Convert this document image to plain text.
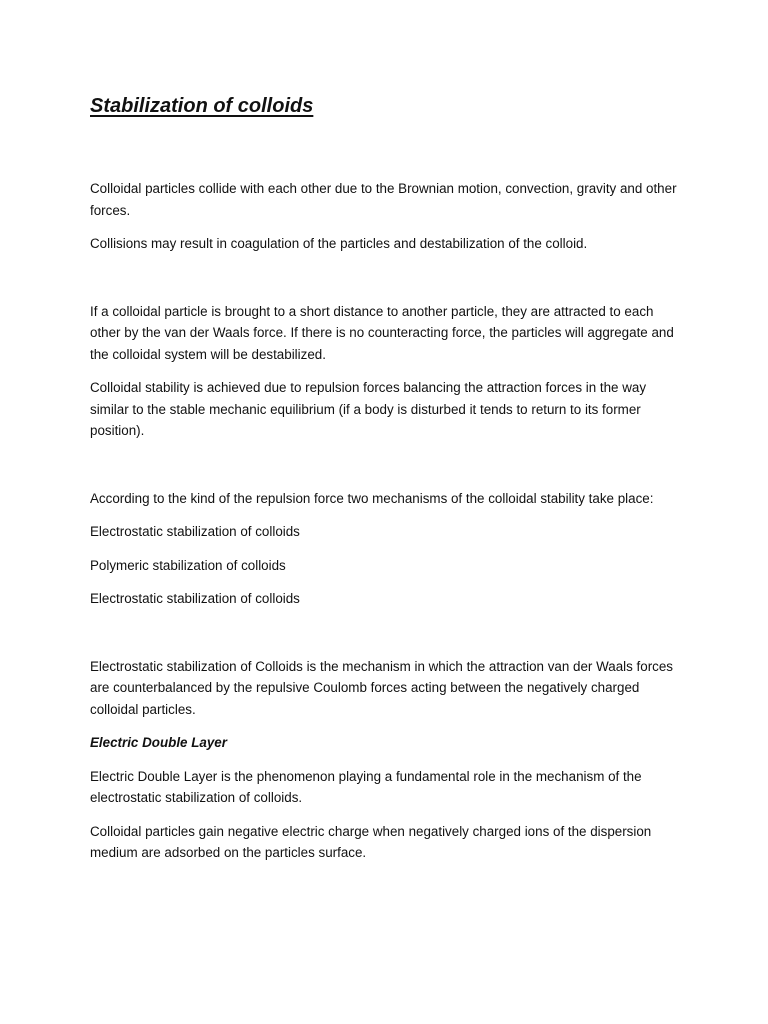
Stabilization of colloids

Colloidal particles collide with each other due to the Brownian motion, convection, gravity and other forces.

Collisions may result in coagulation of the particles and destabilization of the colloid.

If a colloidal particle is brought to a short distance to another particle, they are attracted to each other by the van der Waals force. If there is no counteracting force, the particles will aggregate and the colloidal system will be destabilized.

Colloidal stability is achieved due to repulsion forces balancing the attraction forces in the way similar to the stable mechanic equilibrium (if a body is disturbed it tends to return to its former position).

According to the kind of the repulsion force two mechanisms of the colloidal stability take place:

Electrostatic stabilization of colloids

Polymeric stabilization of colloids

Electrostatic stabilization of colloids

Electrostatic stabilization of Colloids is the mechanism in which the attraction van der Waals forces are counterbalanced by the repulsive Coulomb forces acting between the negatively charged colloidal particles.

Electric Double Layer

Electric Double Layer is the phenomenon playing a fundamental role in the mechanism of the electrostatic stabilization of colloids.

Colloidal particles gain negative electric charge when negatively charged ions of the dispersion medium are adsorbed on the particles surface.
